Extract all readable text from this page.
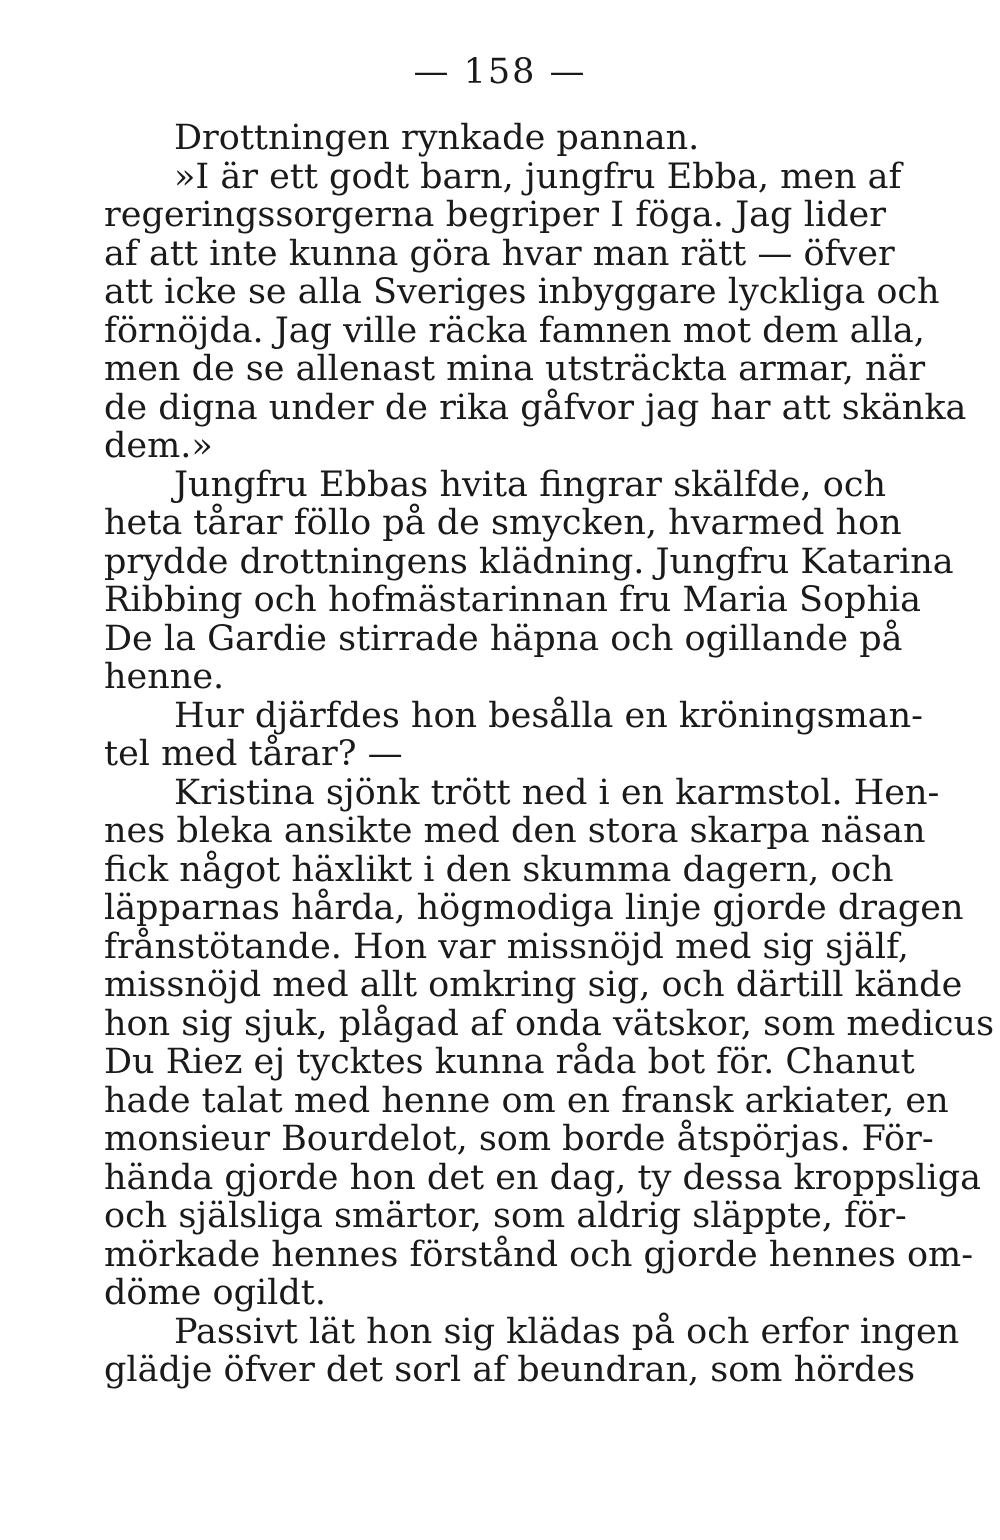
— 158 —
Drottningen rynkade pannan.
»I är ett godt barn, jungfru Ebba, men af
regeringssorgerna begriper I föga. Jag lider
af att inte kunna göra hvar man rätt — öfver
att icke se alla Sveriges inbyggare lyckliga och
förnöjda. Jag ville räcka famnen mot dem alla,
men de se allenast mina utsträckta armar, när
de digna under de rika gåfvor jag har att skänka
dem.»
Jungfru Ebbas hvita fingrar skälfde, och
heta tårar föllo på de smycken, hvarmed hon
prydde drottningens klädning. Jungfru Katarina
Ribbing och hofmästarinnan fru Maria Sophia
De la Gardie stirrade häpna och ogillande på
henne.
Hur djärfdes hon besålla en kröningsman-
tel med tårar? —
Kristina sjönk trött ned i en karmstol. Hen-
nes bleka ansikte med den stora skarpa näsan
fick något häxlikt i den skumma dagern, och
läpparnas hårda, högmodiga linje gjorde dragen
frånstötande. Hon var missnöjd med sig själf,
missnöjd med allt omkring sig, och därtill kände
hon sig sjuk, plågad af onda vätskor, som medicus
Du Riez ej tycktes kunna råda bot för. Chanut
hade talat med henne om en fransk arkiater, en
monsieur Bourdelot, som borde åtspörjas. För-
hända gjorde hon det en dag, ty dessa kroppsliga
och själsliga smärtor, som aldrig släppte, för-
mörkade hennes förstånd och gjorde hennes om-
döme ogildt.
Passivt lät hon sig klädas på och erfor ingen
glädje öfver det sorl af beundran, som hördes
